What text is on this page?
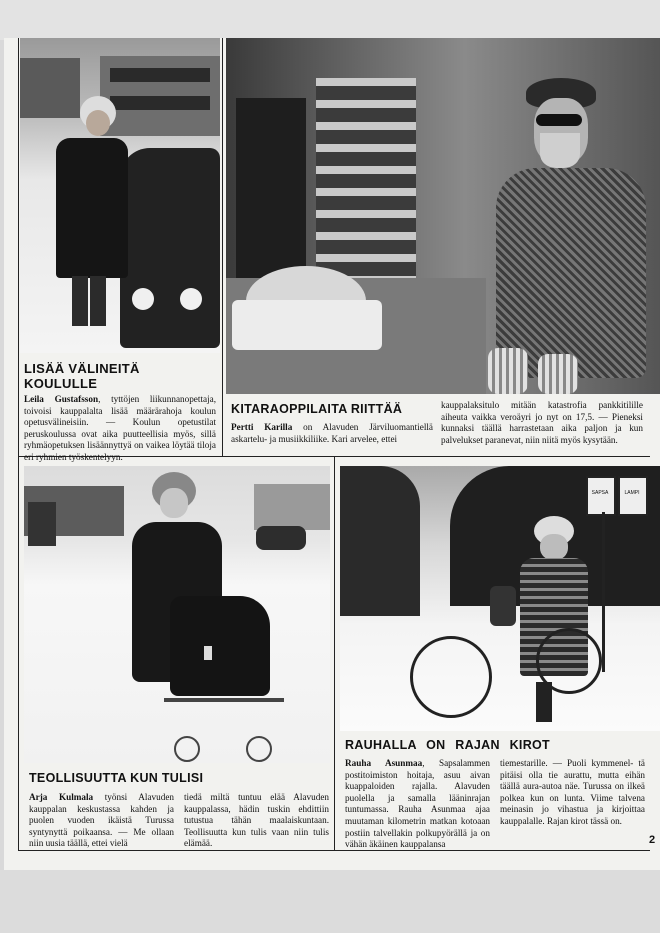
LISÄÄ VÄLINEITÄ
KOULULLE
Leila Gustafsson, tyttöjen liikunnanopettaja, toivoisi kauppalalta lisää määrärahoja koulun opetusvälineisiin. — Koulun opetustilat peruskoulussa ovat aika puutteellisia myös, sillä ryhmäopetuksen lisäännyttyä on vaikea löytää tiloja eri ryhmien työskentelyyn.
KITARAOPPILAITA RIITTÄÄ
Pertti Karilla on Alavuden Järviluomantiellä askartelu- ja musiikkiliike. Kari arvelee, ettei
kauppalaksitulo mitään katastrofia pankkitilille aiheuta vaikka veroäyri jo nyt on 17,5. — Pieneksi kunnaksi täällä harrastetaan aika paljon ja kun palvelukset paranevat, niin niitä myös kysytään.
TEOLLISUUTTA KUN TULISI
Arja Kulmala työnsi Alavuden kauppalan keskustassa kahden ja puolen vuoden ikäistä Turussa syntynyttä poikaansa. — Me ollaan niin uusia täällä, ettei vielä
tiedä miltä tuntuu elää Alavuden kauppalassa, hädin tuskin ehdittiin tutustua tähän maalaiskuntaan. Teollisuutta kun tulis vaan niin tulis elämää.
SAPSA	LAMPI
RAUHALLA ON RAJAN KIROT
Rauha Asunmaa, Sapsalammen postitoimiston hoitaja, asuu aivan kuappaloiden rajalla. Alavuden puolella ja samalla lääninrajan tuntumassa. Rauha Asunmaa ajaa muutaman kilometrin matkan kotoaan postiin talvellakin polkupyörällä ja on vähän äkäinen kauppalansa
tiemestarille. — Puoli kymmenel- tä pitäisi olla tie aurattu, mutta eihän täällä aura-autoa näe. Turussa on ilkeä polkea kun on lunta. Viime talvena meinasin jo vihastua ja kirjoittaa kauppalalle. Rajan kirot tässä on.
2
